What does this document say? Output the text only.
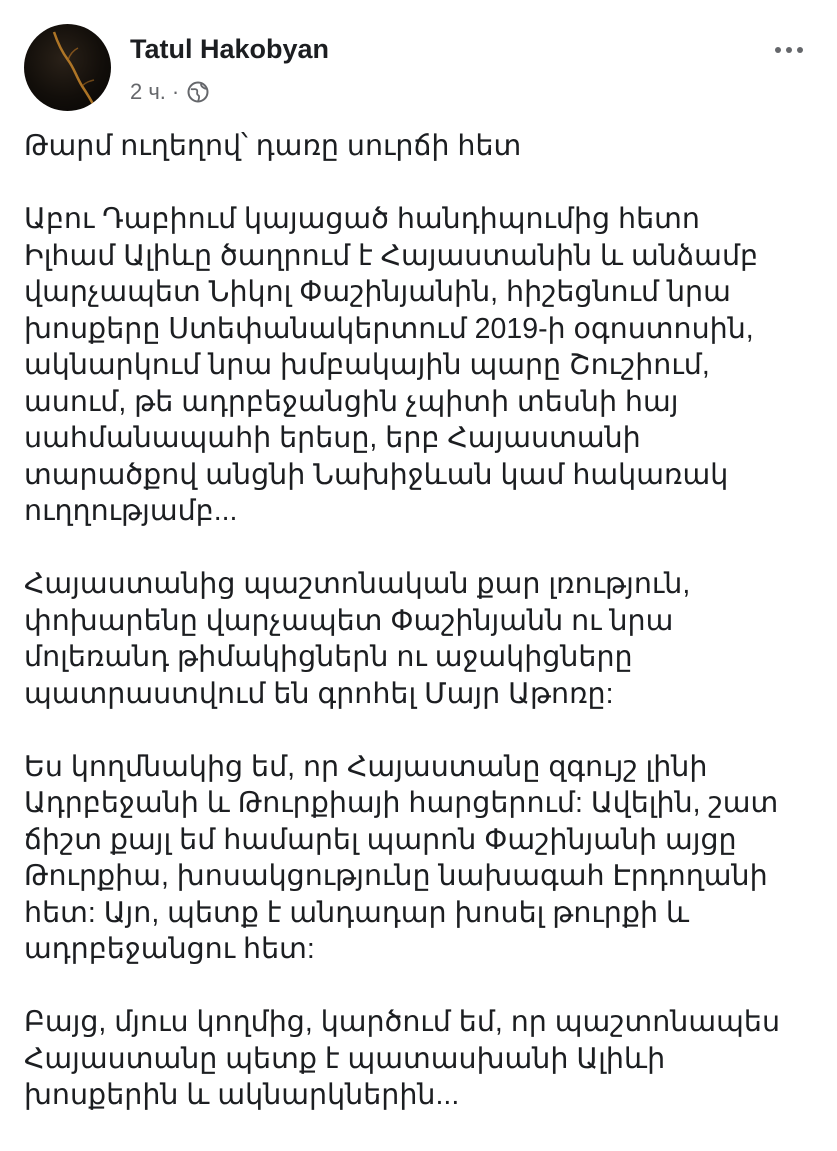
Tatul Hakobyan
2 ч. ·

Թարմ ուղեղով՝ դառը սուրճի հետ

Աբու Դաբիում կայացած հանդիպումից հետո
Իլհամ Ալիևը ծաղրում է Հայաստանին և անձամբ
վարչապետ Նիկոլ Փաշինյանին, հիշեցնում նրա
խոսքերը Ստեփանակերտում 2019-ի օգոստոսին,
ակնարկում նրա խմբակային պարը Շուշիում,
ասում, թե ադրբեջանցին չպիտի տեսնի հայ
սահմանապահի երեսը, երբ Հայաստանի
տարածքով անցնի Նախիջևան կամ հակառակ
ուղղությամբ...

Հայաստանից պաշտոնական քար լռություն,
փոխարենը վարչապետ Փաշինյանն ու նրա
մոլեռանդ թիմակիցներն ու աջակիցները
պատրաստվում են գրոհել Մայր Աթոռը:

Ես կողմնակից եմ, որ Հայաստանը զգույշ լինի
Ադրբեջանի և Թուրքիայի հարցերում: Ավելին, շատ
ճիշտ քայլ եմ համարել պարոն Փաշինյանի այցը
Թուրքիա, խոսակցությունը նախագահ Էրդողանի
հետ: Այո, պետք է անդադար խոսել թուրքի և
ադրբեջանցու հետ:

Բայց, մյուս կողմից, կարծում եմ, որ պաշտոնապես
Հայաստանը պետք է պատասխանի Ալիևի
խոսքերին և ակնարկներին...
